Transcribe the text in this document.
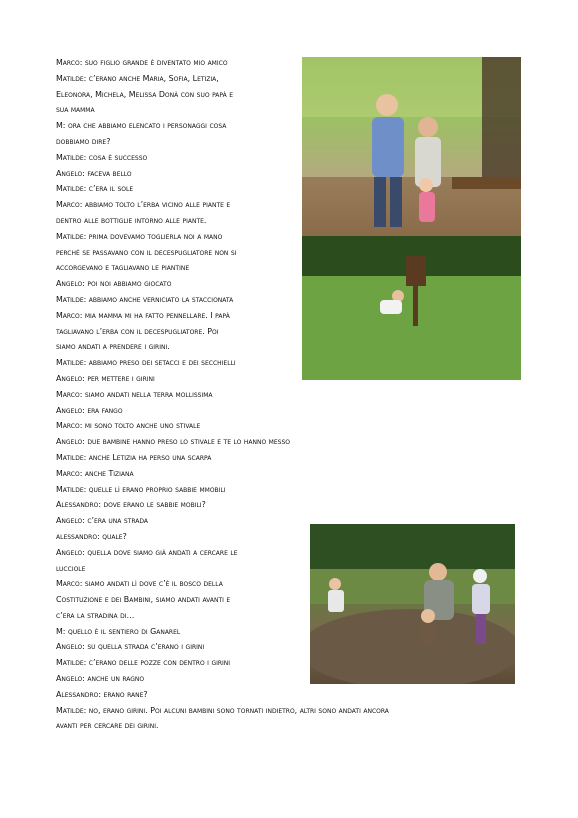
Marco: suo figlio grande è diventato mio amico
Matilde: c’erano anche Maria, Sofia, Letizia,
Eleonora, Michela, Melissa Donà con suo papà e
sua mamma
M: ora che abbiamo elencato i personaggi cosa
dobbiamo dire?
Matilde: cosa è successo
Angelo: faceva bello
Matilde: c’era il sole
Marco: abbiamo tolto l’erba vicino alle piante e
dentro alle bottiglie intorno alle piante.
Matilde: prima dovevamo toglierla noi a mano
perché se passavano con il decespugliatore non si
accorgevano e tagliavano le piantine
Angelo: poi noi abbiamo giocato
Matilde: abbiamo anche verniciato la staccionata
Marco: mia mamma mi ha fatto pennellare. I papà
tagliavano l’erba con il decespugliatore. Poi
siamo andati a prendere i girini.
Matilde: abbiamo preso dei setacci e dei secchielli
Angelo: per mettere i girini
Marco: siamo andati nella terra mollissima
Angelo: era fango
Marco: mi sono tolto anche uno stivale
Angelo: due bambine hanno preso lo stivale e te lo hanno messo
Matilde: anche Letizia ha perso una scarpa
Marco: anche Tiziana
Matilde: quelle lì erano proprio sabbie mmobili
Alessandro: dove erano le sabbie mobili?
Angelo: c’era una strada
alessandro: quale?
Angelo: quella dove siamo già andati a cercare le
lucciole
Marco: siamo andati lì dove c’è il bosco della
Costituzione e dei Bambini, siamo andati avanti e
c’era la stradina di…
M: quello è il sentiero di Ganarel
Angelo: su quella strada c’erano i girini
Matilde: c’erano delle pozze con dentro i girini
Angelo: anche un ragno
Alessandro: erano rane?
Matilde: no, erano girini. Poi alcuni bambini sono tornati indietro, altri sono andati ancora
avanti per cercare dei girini.
